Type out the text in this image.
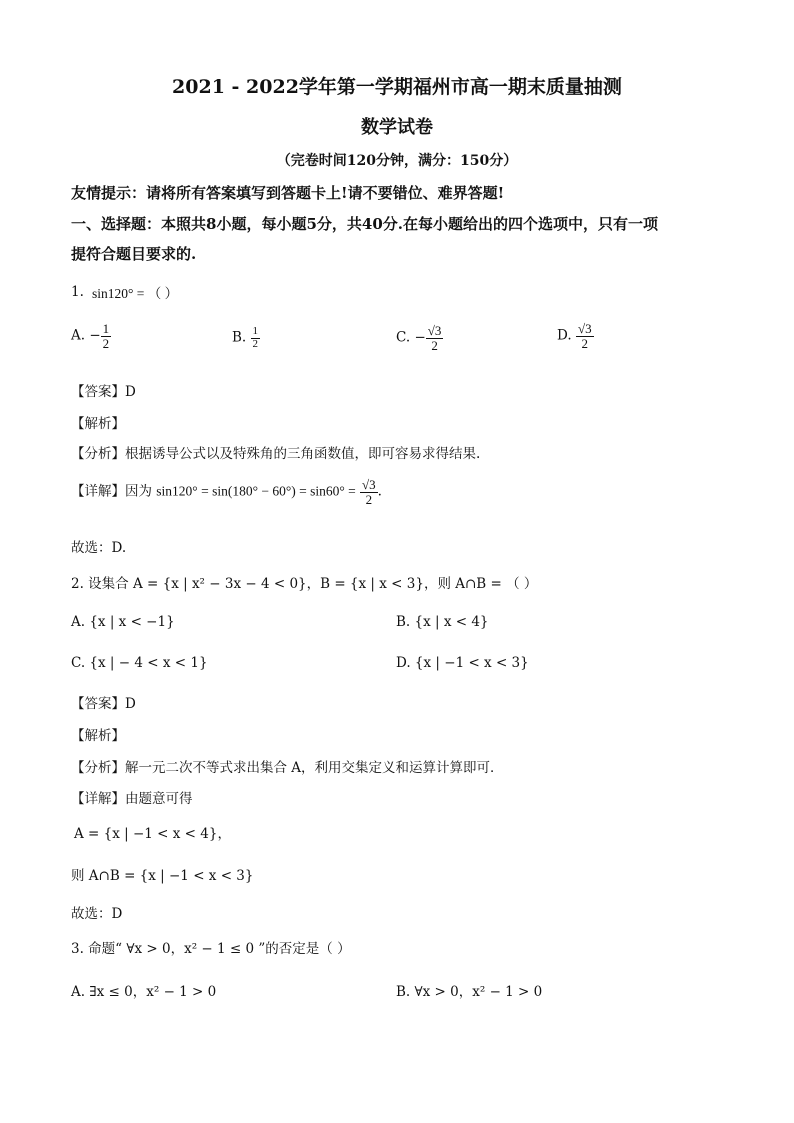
2021 - 2022学年第一学期福州市高一期末质量抽测
数学试卷
（完卷时间120分钟，满分：150分）
友情提示：请将所有答案填写到答题卡上!请不要错位、难界答题!
一、选择题：本照共8小题，每小题5分，共40分.在每小题给出的四个选项中，只有一项
提符合题目要求的.
1. sin120° = （ ）
A. − $\frac{1}{2}$	B. $\frac{1}{2}$	C. − $\frac{√3}{2}$	D. $\frac{√3}{2}$
【答案】D
【解析】
【分析】根据诱导公式以及特殊角的三角函数值，即可容易求得结果.
【详解】因为 $\sin 120^\circ = \sin(180^\circ - 60^\circ) = \sin 60^\circ = \frac{√3}{2}$ .
故选：D.
2. 设集合 A = {x | x² − 3x − 4 < 0}，B = {x | x < 3}，则 A∩B = （ ）
A. {x | x < −1}	B. {x | x < 4}
C. {x | − 4 < x < 1}	D. {x | −1 < x < 3}
【答案】D
【解析】
【分析】解一元二次不等式求出集合 A，利用交集定义和运算计算即可．
【详解】由题意可得
A = {x | −1 < x < 4}，
则 A∩B = {x | −1 < x < 3}
故选：D
3. 命题“ ∀x > 0，x² − 1 ≤ 0 ”的否定是（ ）
A. ∃x ≤ 0，x² − 1 > 0	B. ∀x > 0，x² − 1 > 0
